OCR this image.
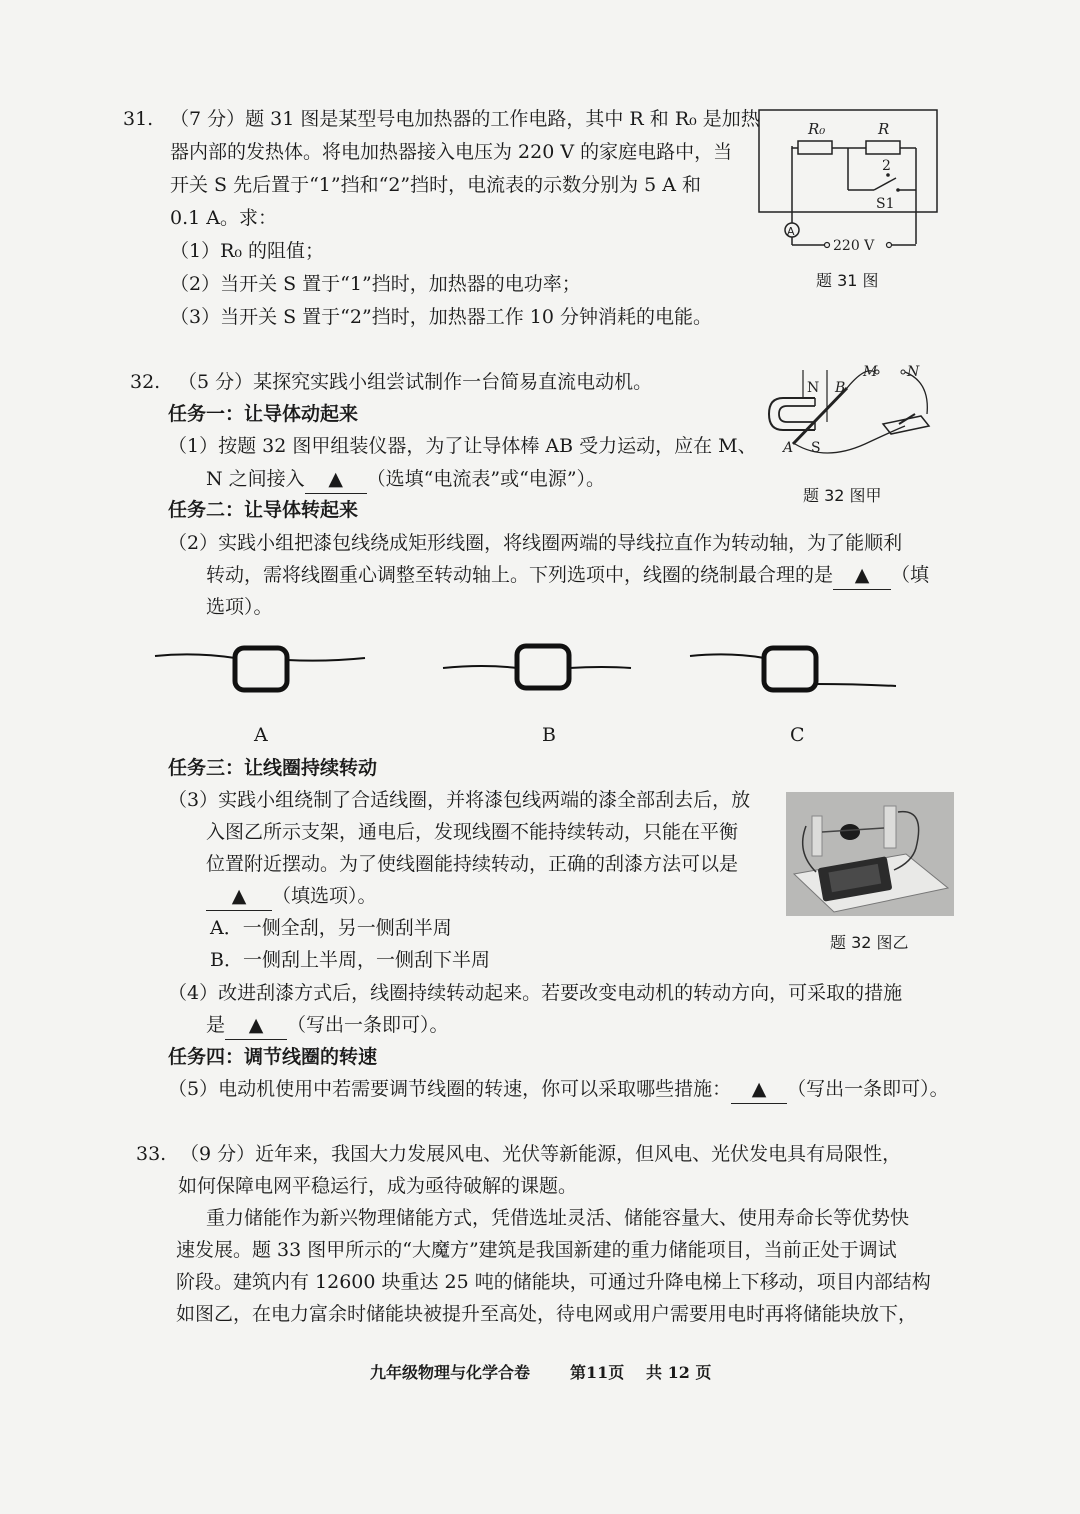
31. （7 分）题 31 图是某型号电加热器的工作电路，其中 R 和 R₀ 是加热
器内部的发热体。将电加热器接入电压为 220 V 的家庭电路中，当
开关 S 先后置于“1”挡和“2”挡时，电流表的示数分别为 5 A 和
0.1 A。求：
（1）R₀ 的阻值；
（2）当开关 S 置于“1”挡时，加热器的电功率；
（3）当开关 S 置于“2”挡时，加热器工作 10 分钟消耗的电能。
R₀	R
2
S1
A
220 V
题 31 图
32. （5 分）某探究实践小组尝试制作一台简易直流电动机。
任务一：让导体动起来
（1）按题 32 图甲组装仪器，为了让导体棒 AB 受力运动，应在 M、
N 之间接入 ▲ （选填“电流表”或“电源”）。
任务二：让导体转起来
（2）实践小组把漆包线绕成矩形线圈，将线圈两端的导线拉直作为转动轴，为了能顺利
转动，需将线圈重心调整至转动轴上。下列选项中，线圈的绕制最合理的是 ▲ （填
选项）。
N B
M N
A S
题 32 图甲
A	B	C
任务三：让线圈持续转动
（3）实践小组绕制了合适线圈，并将漆包线两端的漆全部刮去后，放
入图乙所示支架，通电后，发现线圈不能持续转动，只能在平衡
位置附近摆动。为了使线圈能持续转动，正确的刮漆方法可以是
▲ （填选项）。
A．一侧全刮，另一侧刮半周
B．一侧刮上半周，一侧刮下半周
题 32 图乙
（4）改进刮漆方式后，线圈持续转动起来。若要改变电动机的转动方向，可采取的措施
是 ▲ （写出一条即可）。
任务四：调节线圈的转速
（5）电动机使用中若需要调节线圈的转速，你可以采取哪些措施： ▲ （写出一条即可）。
33. （9 分）近年来，我国大力发展风电、光伏等新能源，但风电、光伏发电具有局限性，
如何保障电网平稳运行，成为亟待破解的课题。
重力储能作为新兴物理储能方式，凭借选址灵活、储能容量大、使用寿命长等优势快
速发展。题 33 图甲所示的“大魔方”建筑是我国新建的重力储能项目，当前正处于调试
阶段。建筑内有 12600 块重达 25 吨的储能块，可通过升降电梯上下移动，项目内部结构
如图乙，在电力富余时储能块被提升至高处，待电网或用户需要用电时再将储能块放下，
九年级物理与化学合卷 第11页 共 12 页
